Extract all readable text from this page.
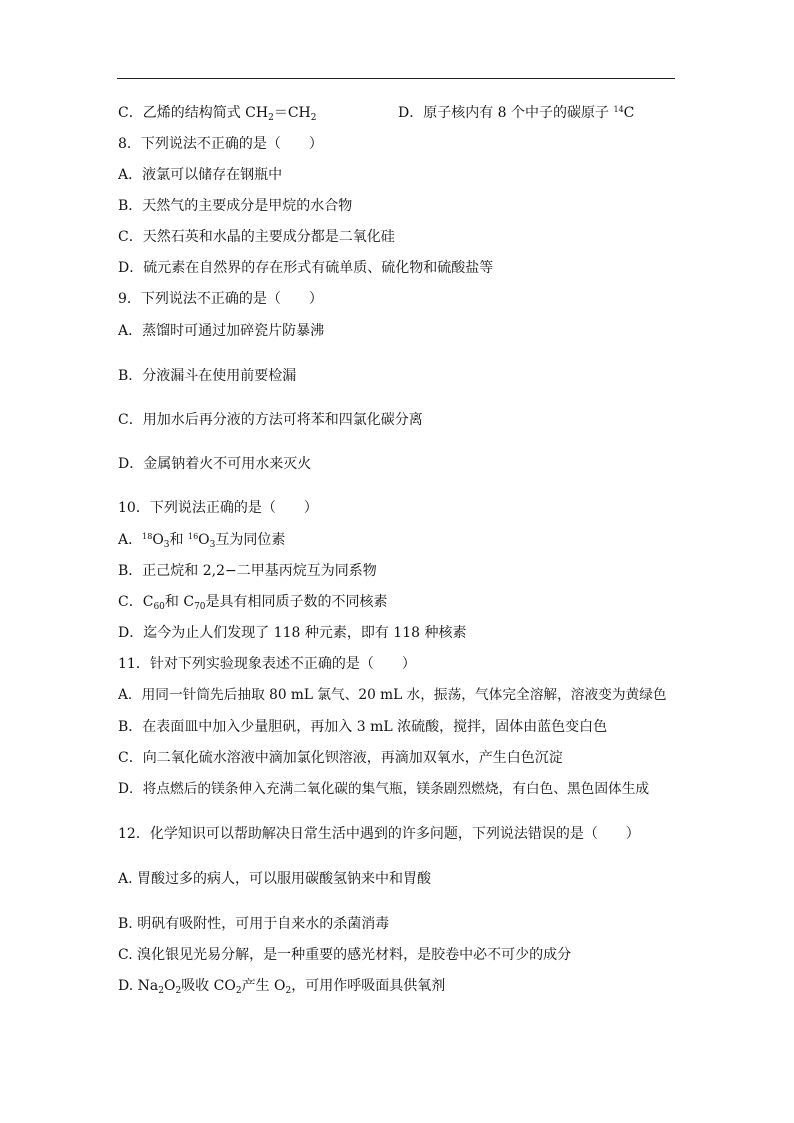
C．乙烯的结构简式 $CH_2=CH_2$	D．原子核内有 8 个中子的碳原子 $^{14}$C
8．下列说法不正确的是（　　）
A．液氯可以储存在钢瓶中
B．天然气的主要成分是甲烷的水合物
C．天然石英和水晶的主要成分都是二氧化硅
D．硫元素在自然界的存在形式有硫单质、硫化物和硫酸盐等
9．下列说法不正确的是（　　）
A．蒸馏时可通过加碎瓷片防暴沸
B．分液漏斗在使用前要检漏
C．用加水后再分液的方法可将苯和四氯化碳分离
D．金属钠着火不可用水来灭火
10．下列说法正确的是（　　）
A．$^{18}O_3$和 $^{16}O_3$互为同位素
B．正己烷和 2,2−二甲基丙烷互为同系物
C．$C_{60}$和 $C_{70}$是具有相同质子数的不同核素
D．迄今为止人们发现了 118 种元素，即有 118 种核素
11．针对下列实验现象表述不正确的是（　　）
A．用同一针筒先后抽取 80 mL 氯气、20 mL 水，振荡，气体完全溶解，溶液变为黄绿色
B．在表面皿中加入少量胆矾，再加入 3 mL 浓硫酸，搅拌，固体由蓝色变白色
C．向二氧化硫水溶液中滴加氯化钡溶液，再滴加双氧水，产生白色沉淀
D．将点燃后的镁条伸入充满二氧化碳的集气瓶，镁条剧烈燃烧，有白色、黑色固体生成
12．化学知识可以帮助解决日常生活中遇到的许多问题，下列说法错误的是（　　）
A. 胃酸过多的病人，可以服用碳酸氢钠来中和胃酸
B. 明矾有吸附性，可用于自来水的杀菌消毒
C. 溴化银见光易分解，是一种重要的感光材料，是胶卷中必不可少的成分
D. $Na_2O_2$吸收 $CO_2$产生 $O_2$，可用作呼吸面具供氧剂
